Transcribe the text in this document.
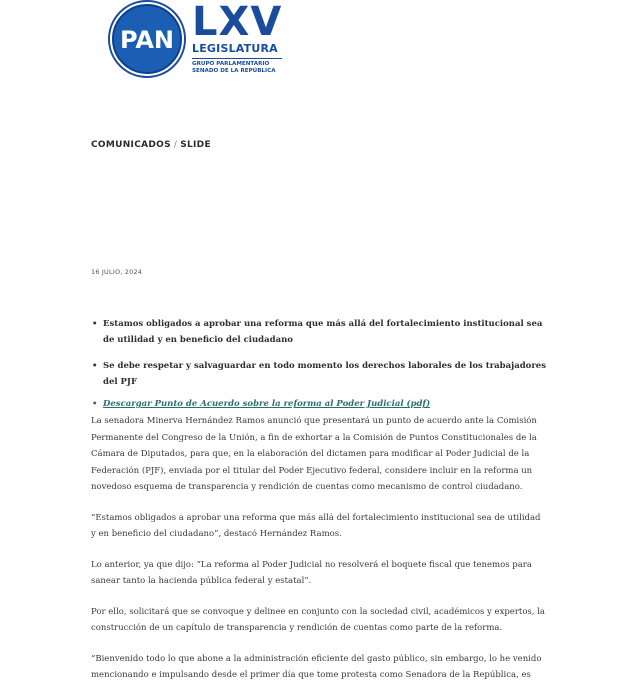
PAN LXV
LEGISLATURA
GRUPO PARLAMENTARIO
SENADO DE LA REPÚBLICA
COMUNICADOS / SLIDE
16 JULIO, 2024
• Estamos obligados a aprobar una reforma que más allá del fortalecimiento institucional sea de utilidad y en beneficio del ciudadano
• Se debe respetar y salvaguardar en todo momento los derechos laborales de los trabajadores del PJF
• Descargar Punto de Acuerdo sobre la reforma al Poder Judicial (pdf)

La senadora Minerva Hernández Ramos anunció que presentará un punto de acuerdo ante la Comisión Permanente del Congreso de la Unión, a fin de exhortar a la Comisión de Puntos Constitucionales de la Cámara de Diputados, para que, en la elaboración del dictamen para modificar al Poder Judicial de la Federación (PJF), enviada por el titular del Poder Ejecutivo federal, considere incluir en la reforma un novedoso esquema de transparencia y rendición de cuentas como mecanismo de control ciudadano.

“Estamos obligados a aprobar una reforma que más allá del fortalecimiento institucional sea de utilidad y en beneficio del ciudadano”, destacó Hernández Ramos.

Lo anterior, ya que dijo: “La reforma al Poder Judicial no resolverá el boquete fiscal que tenemos para sanear tanto la hacienda pública federal y estatal”.

Por ello, solicitará que se convoque y delinee en conjunto con la sociedad civil, académicos y expertos, la construcción de un capítulo de transparencia y rendición de cuentas como parte de la reforma.

“Bienvenido todo lo que abone a la administración eficiente del gasto público, sin embargo, lo he venido mencionando e impulsando desde el primer día que tome protesta como Senadora de la República, es
